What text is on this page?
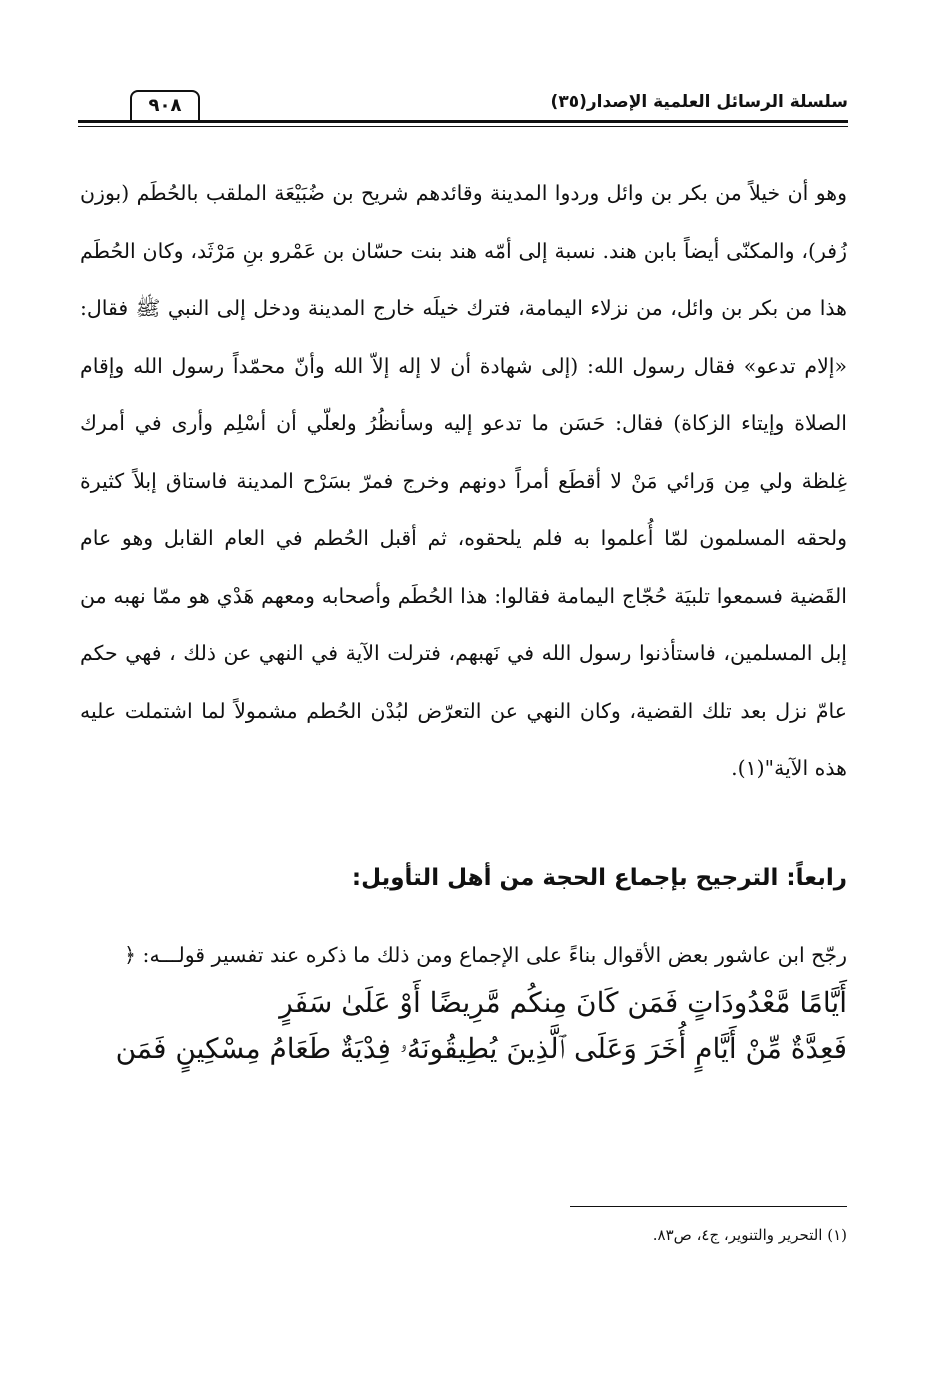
سلسلة الرسائل العلمية الإصدار(٣٥)
٩٠٨

وهو أن خيلاً من بكر بن وائل وردوا المدينة وقائدهم شريح بن ضُبَيْعَة الملقب بالحُطَم (بوزن زُفر)، والمكنّى أيضاً بابن هند. نسبة إلى أمّه هند بنت حسّان بن عَمْرو بنِ مَرْثَد، وكان الحُطَم هذا من بكر بن وائل، من نزلاء اليمامة، فترك خيلَه خارج المدينة ودخل إلى النبي ﷺ فقال: «إلام تدعو» فقال رسول الله: (إلى شهادة أن لا إله إلاّ الله وأنّ محمّداً رسول الله وإقام الصلاة وإيتاء الزكاة) فقال: حَسَن ما تدعو إليه وسأنظُرُ ولعلّي أن أسْلِم وأرى في أمرك غِلظة ولي مِن وَرائي مَنْ لا أقطَع أمراً دونهم وخرج فمرّ بسَرْح المدينة فاستاق إبلاً كثيرة ولحقه المسلمون لمّا أُعلموا به فلم يلحقوه، ثم أقبل الحُطم في العام القابل وهو عام القَضية فسمعوا تلبيَة حُجّاج اليمامة فقالوا: هذا الحُطَم وأصحابه ومعهم هَدْي هو ممّا نهبه من إبل المسلمين، فاستأذنوا رسول الله في نَهبهم، فترلت الآية في النهي عن ذلك ، فهي حكم عامّ نزل بعد تلك القضية، وكان النهي عن التعرّض لبُدْن الحُطم مشمولاً لما اشتملت عليه هذه الآية"(١).

رابعاً: الترجيح بإجماع الحجة من أهل التأويل:

رجّح ابن عاشور بعض الأقوال بناءً على الإجماع ومن ذلك ما ذكره عند تفسير قولـــه: ﴿
أَيَّامًا مَّعْدُودَاتٍ فَمَن كَانَ مِنكُم مَّرِيضًا أَوْ عَلَىٰ سَفَرٍ
فَعِدَّةٌ مِّنْ أَيَّامٍ أُخَرَ وَعَلَى ٱلَّذِينَ يُطِيقُونَهُۥ فِدْيَةٌ طَعَامُ مِسْكِينٍ فَمَن

(١) التحرير والتنوير، ج٤، ص٨٣.
